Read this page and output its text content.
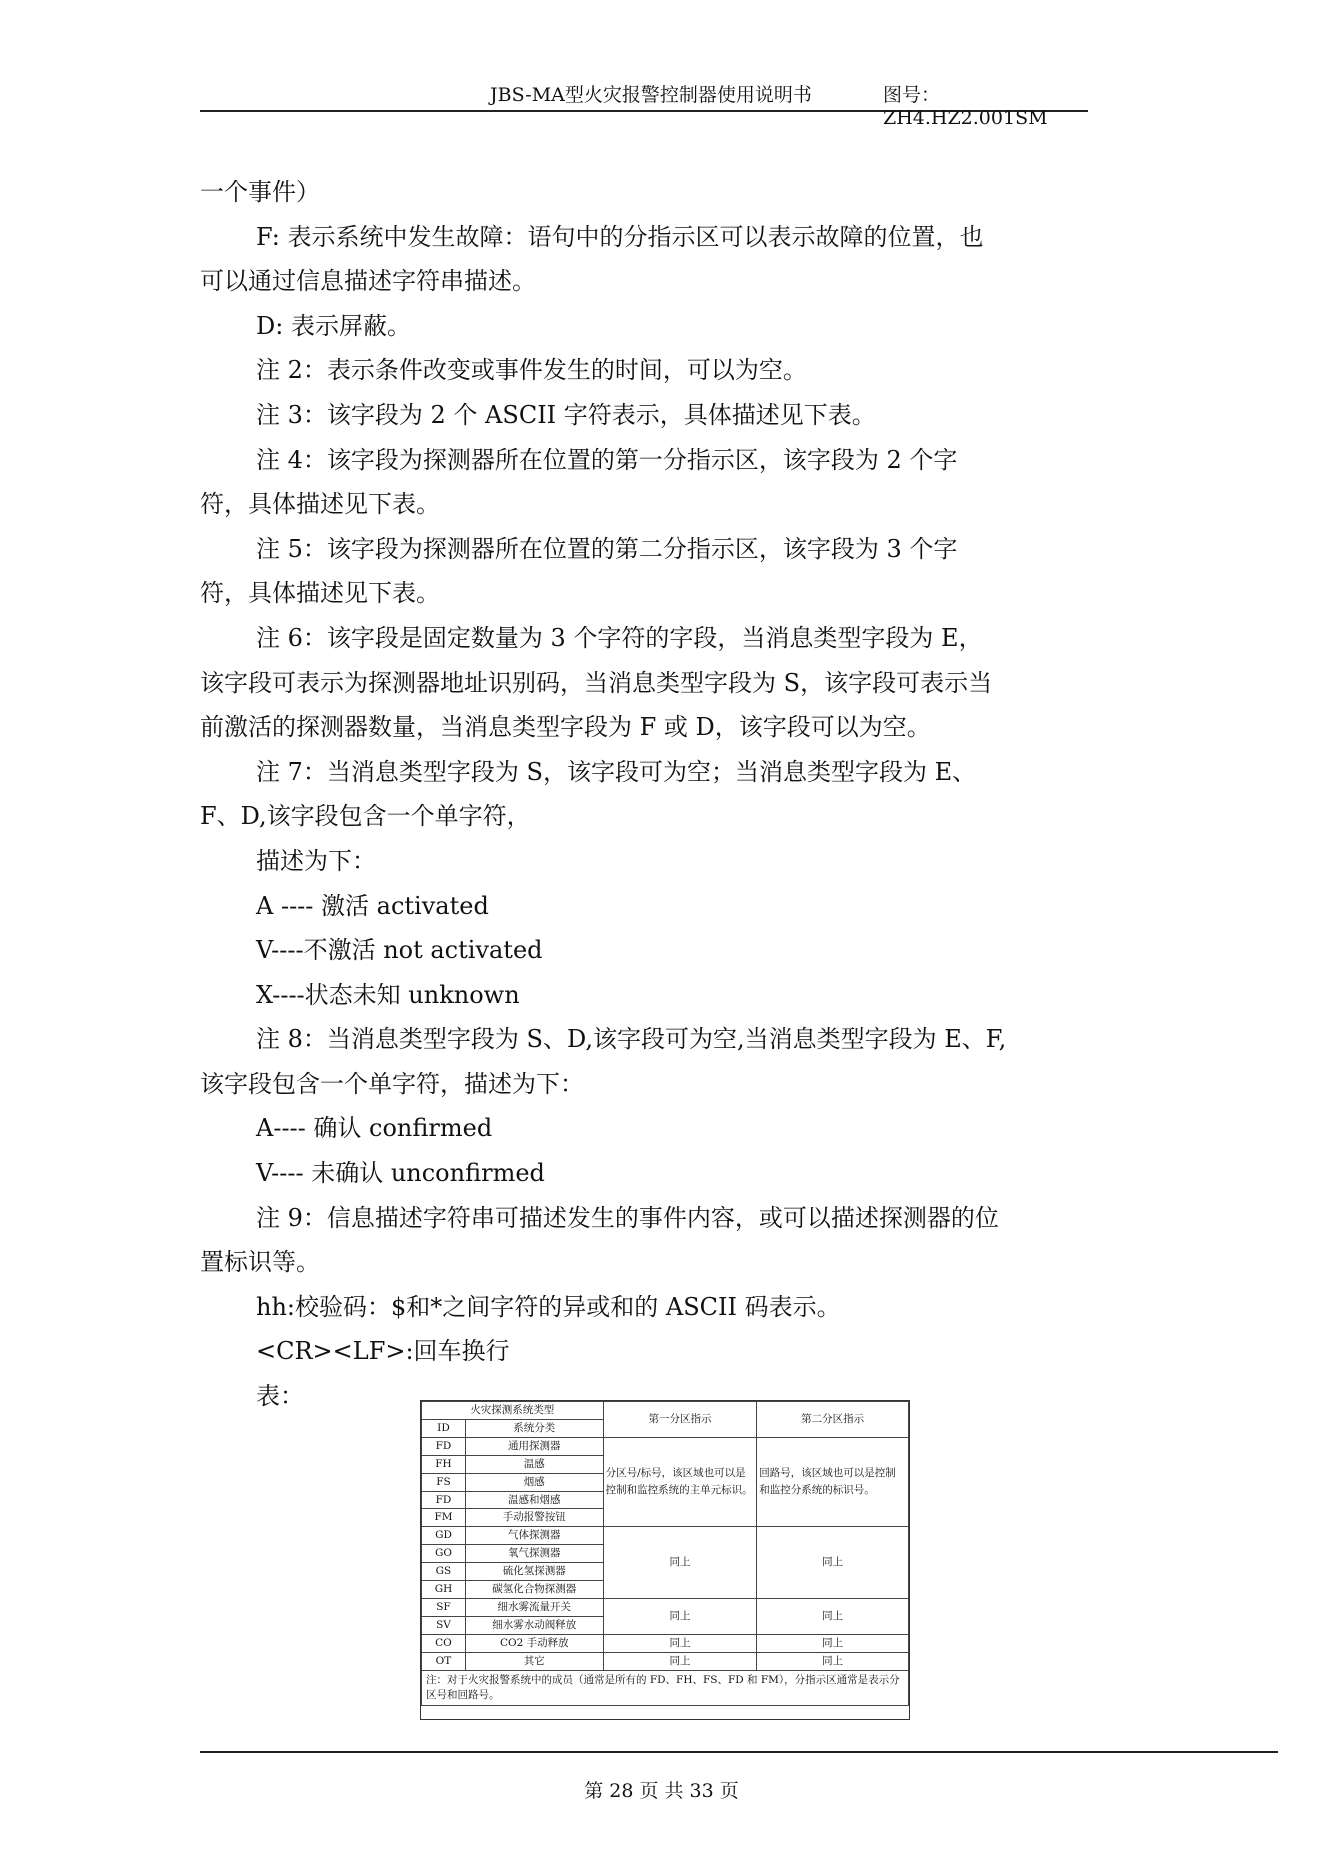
JBS-MA型火灾报警控制器使用说明书	图号：ZH4.HZ2.001SM

一个事件）

F: 表示系统中发生故障：语句中的分指示区可以表示故障的位置，也

可以通过信息描述字符串描述。

D: 表示屏蔽。

注 2：表示条件改变或事件发生的时间，可以为空。

注 3：该字段为 2 个 ASCII 字符表示，具体描述见下表。

注 4：该字段为探测器所在位置的第一分指示区，该字段为 2 个字

符，具体描述见下表。

注 5：该字段为探测器所在位置的第二分指示区，该字段为 3 个字

符，具体描述见下表。

注 6：该字段是固定数量为 3 个字符的字段，当消息类型字段为 E，

该字段可表示为探测器地址识别码，当消息类型字段为 S，该字段可表示当

前激活的探测器数量，当消息类型字段为 F 或 D，该字段可以为空。

注 7：当消息类型字段为 S，该字段可为空；当消息类型字段为 E、

F、D,该字段包含一个单字符，

描述为下：

A ---- 激活 activated

V----不激活 not activated

X----状态未知 unknown

注 8：当消息类型字段为 S、D,该字段可为空,当消息类型字段为 E、F,

该字段包含一个单字符，描述为下：

A---- 确认 confirmed

V---- 未确认 unconfirmed

注 9：信息描述字符串可描述发生的事件内容，或可以描述探测器的位

置标识等。

hh:校验码：$和*之间字符的异或和的 ASCII 码表示。

<CR><LF>:回车换行

表：	火灾探测系统类型		第一分区指示	第二分区指示
ID	系统分类		
FD	通用探测器	分区号/标号，该区域也可以是控制和监控系统的主单元标识。	回路号，该区域也可以是控制和监控分系统的标识号。
FH	温感		
FS	烟感		
FD	温感和烟感		
FM	手动报警按钮		
GD	气体探测器	同上	同上
GO	氧气探测器		
GS	硫化氢探测器		
GH	碳氢化合物探测器		
SF	细水雾流量开关	同上	同上
SV	细水雾水动阀释放		
CO	CO2 手动释放	同上	同上
OT	其它	同上	同上
注：对于火灾报警系统中的成员（通常是所有的 FD、FH、FS、FD 和 FM），分指示区通常是表示分区号和回路号。			
第 28 页 共 33 页
